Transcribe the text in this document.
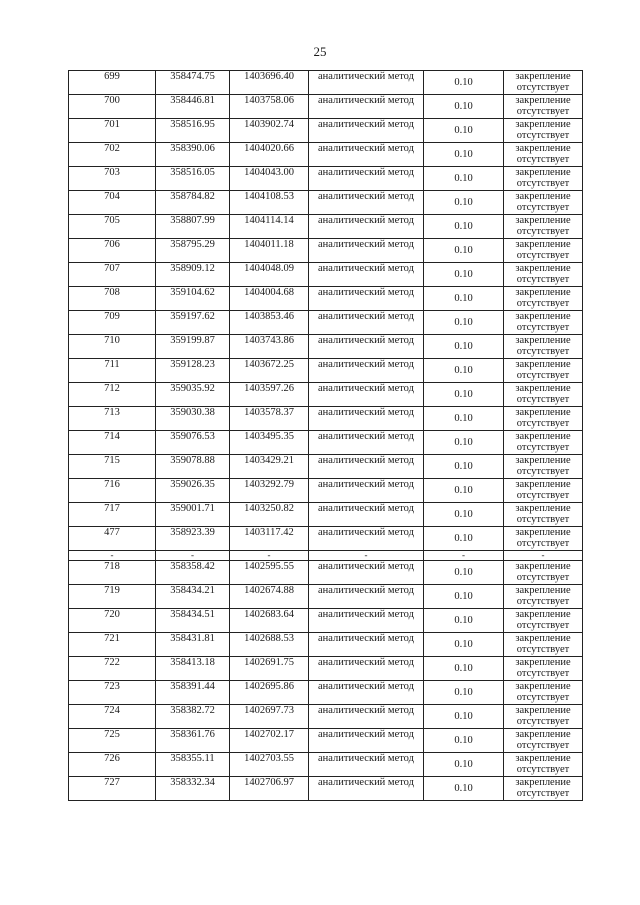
25
699	358474.75	1403696.40	аналитический метод	0.10	закрепление отсутствует
700	358446.81	1403758.06	аналитический метод	0.10	закрепление отсутствует
701	358516.95	1403902.74	аналитический метод	0.10	закрепление отсутствует
702	358390.06	1404020.66	аналитический метод	0.10	закрепление отсутствует
703	358516.05	1404043.00	аналитический метод	0.10	закрепление отсутствует
704	358784.82	1404108.53	аналитический метод	0.10	закрепление отсутствует
705	358807.99	1404114.14	аналитический метод	0.10	закрепление отсутствует
706	358795.29	1404011.18	аналитический метод	0.10	закрепление отсутствует
707	358909.12	1404048.09	аналитический метод	0.10	закрепление отсутствует
708	359104.62	1404004.68	аналитический метод	0.10	закрепление отсутствует
709	359197.62	1403853.46	аналитический метод	0.10	закрепление отсутствует
710	359199.87	1403743.86	аналитический метод	0.10	закрепление отсутствует
711	359128.23	1403672.25	аналитический метод	0.10	закрепление отсутствует
712	359035.92	1403597.26	аналитический метод	0.10	закрепление отсутствует
713	359030.38	1403578.37	аналитический метод	0.10	закрепление отсутствует
714	359076.53	1403495.35	аналитический метод	0.10	закрепление отсутствует
715	359078.88	1403429.21	аналитический метод	0.10	закрепление отсутствует
716	359026.35	1403292.79	аналитический метод	0.10	закрепление отсутствует
717	359001.71	1403250.82	аналитический метод	0.10	закрепление отсутствует
477	358923.39	1403117.42	аналитический метод	0.10	закрепление отсутствует
-	-	-	-	-	-
718	358358.42	1402595.55	аналитический метод	0.10	закрепление отсутствует
719	358434.21	1402674.88	аналитический метод	0.10	закрепление отсутствует
720	358434.51	1402683.64	аналитический метод	0.10	закрепление отсутствует
721	358431.81	1402688.53	аналитический метод	0.10	закрепление отсутствует
722	358413.18	1402691.75	аналитический метод	0.10	закрепление отсутствует
723	358391.44	1402695.86	аналитический метод	0.10	закрепление отсутствует
724	358382.72	1402697.73	аналитический метод	0.10	закрепление отсутствует
725	358361.76	1402702.17	аналитический метод	0.10	закрепление отсутствует
726	358355.11	1402703.55	аналитический метод	0.10	закрепление отсутствует
727	358332.34	1402706.97	аналитический метод	0.10	закрепление отсутствует
